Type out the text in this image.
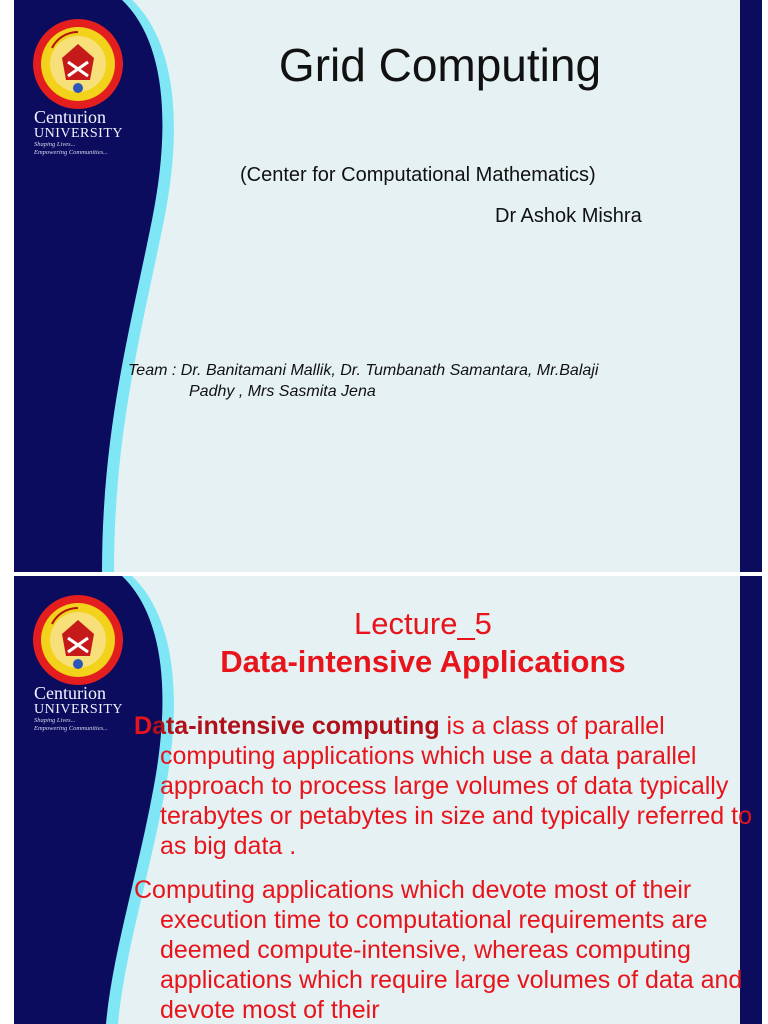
Centurion
UNIVERSITY
Shaping Lives...
Empowering Communities...
Grid Computing
(Center for Computational Mathematics)
Dr Ashok Mishra
Team : Dr. Banitamani Mallik, Dr. Tumbanath Samantara, Mr.Balaji
Padhy , Mrs Sasmita Jena
Centurion
UNIVERSITY
Shaping Lives...
Empowering Communities...
Lecture_5
Data-intensive Applications
Data-intensive computing is a class of parallel computing applications which use a data parallel approach to process large volumes of data typically terabytes or petabytes in size and typically referred to as big data .
Computing applications which devote most of their execution time to computational requirements are deemed compute-intensive, whereas computing applications which require large volumes of data and devote most of their
